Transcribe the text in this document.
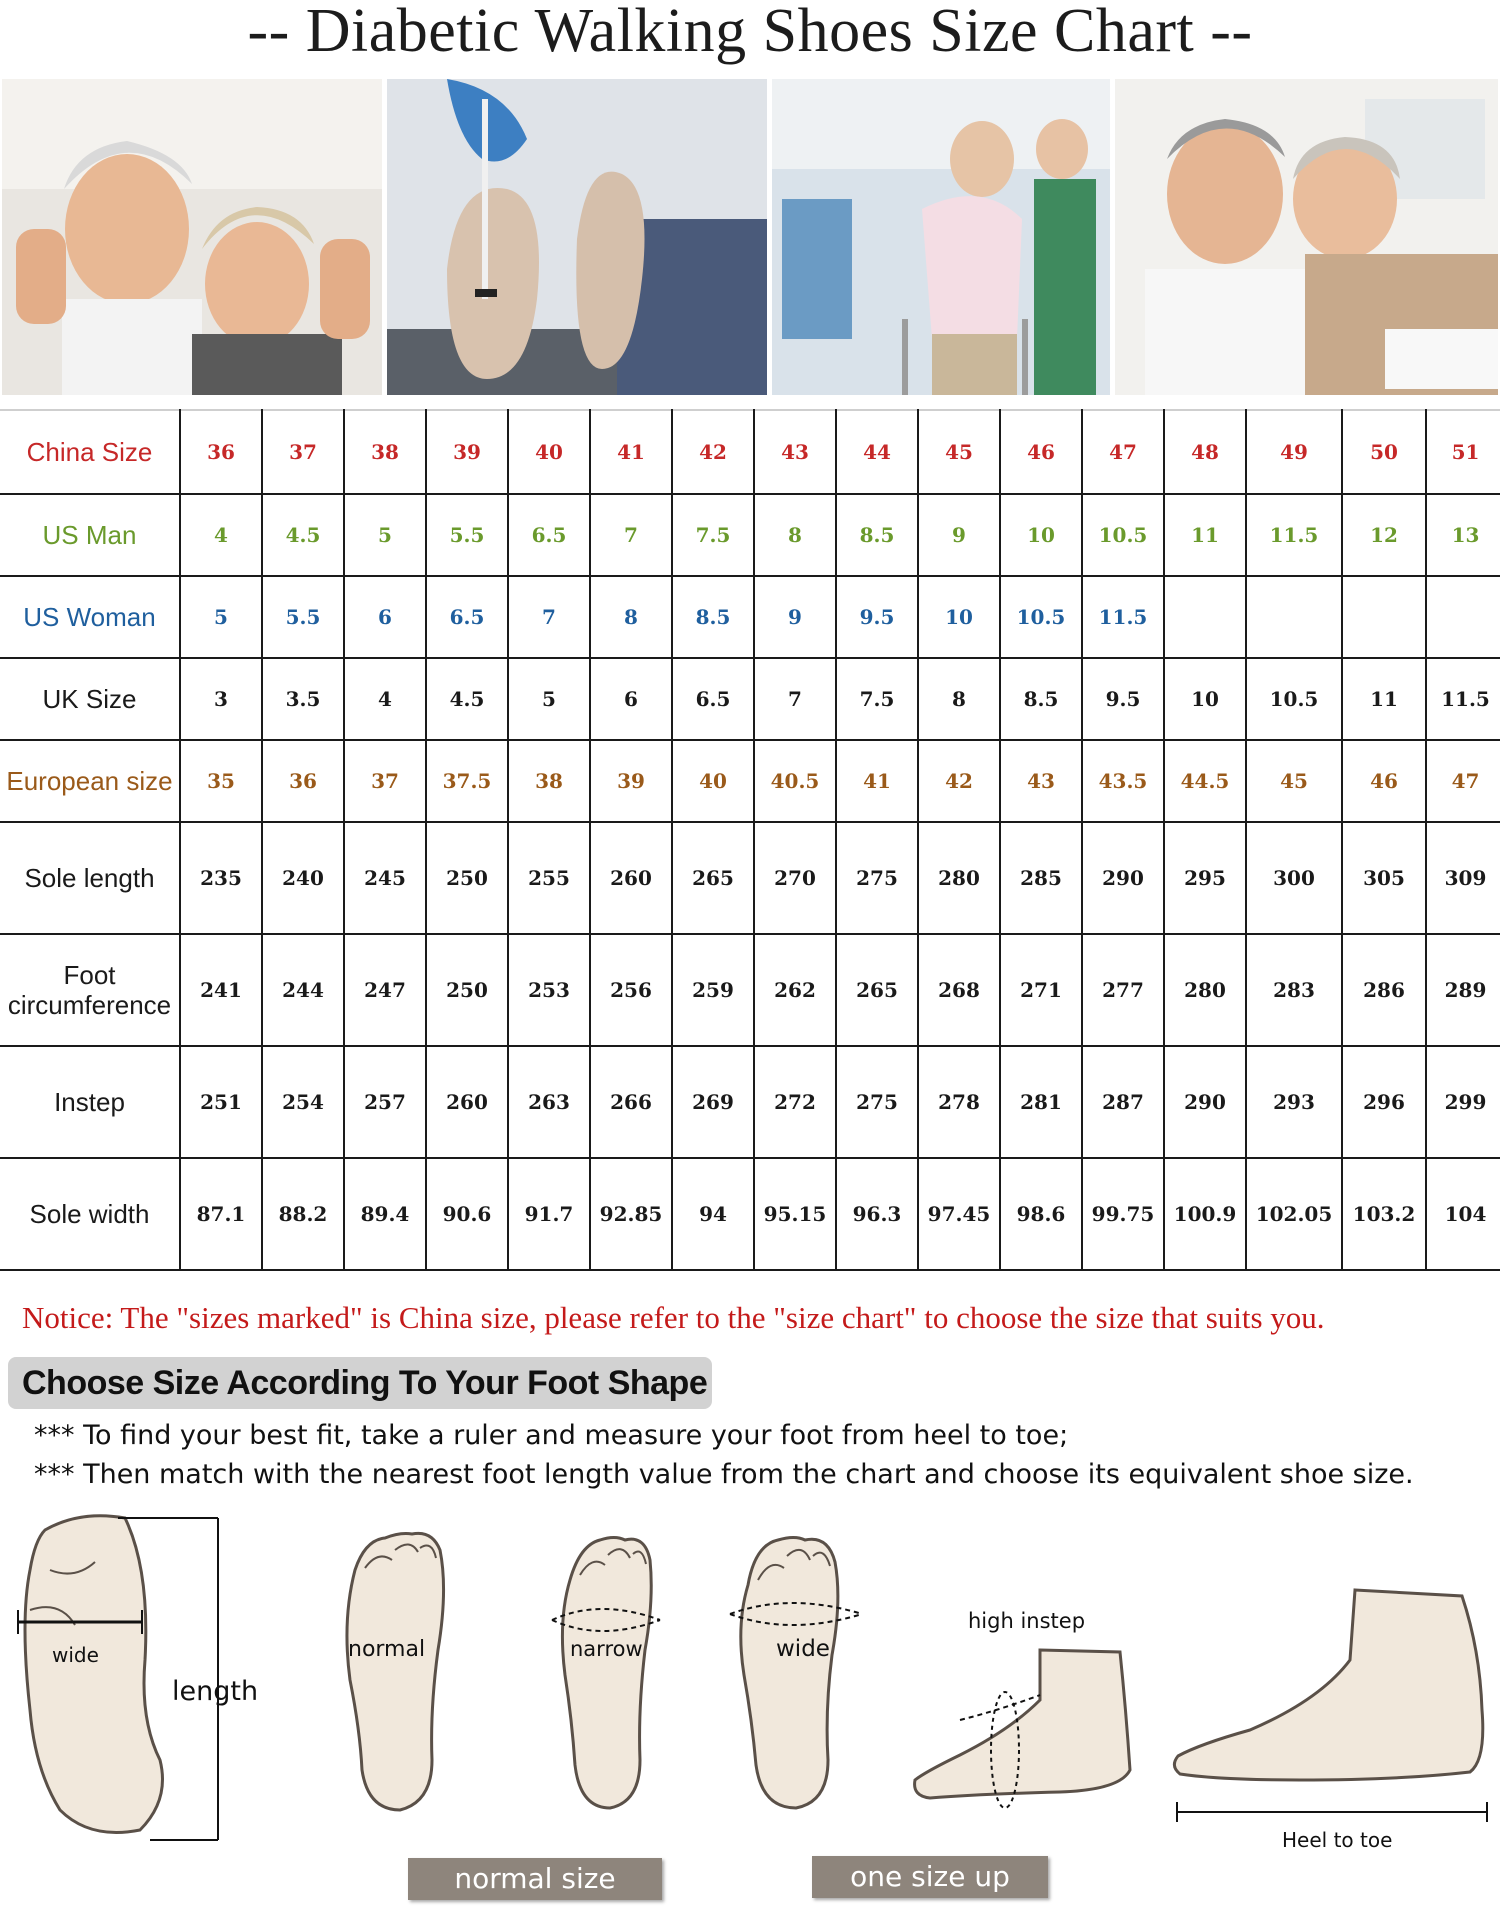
-- Diabetic Walking Shoes Size Chart --
China Size	36	37	38	39	40	41	42	43	44	45	46	47	48	49	50	51
US Man	4	4.5	5	5.5	6.5	7	7.5	8	8.5	9	10	10.5	11	11.5	12	13
US Woman	5	5.5	6	6.5	7	8	8.5	9	9.5	10	10.5	11.5				
UK Size	3	3.5	4	4.5	5	6	6.5	7	7.5	8	8.5	9.5	10	10.5	11	11.5
European size	35	36	37	37.5	38	39	40	40.5	41	42	43	43.5	44.5	45	46	47
Sole length	235	240	245	250	255	260	265	270	275	280	285	290	295	300	305	309
Foot circumference	241	244	247	250	253	256	259	262	265	268	271	277	280	283	286	289
Instep	251	254	257	260	263	266	269	272	275	278	281	287	290	293	296	299
Sole width	87.1	88.2	89.4	90.6	91.7	92.85	94	95.15	96.3	97.45	98.6	99.75	100.9	102.05	103.2	104
Notice: The "sizes marked" is China size, please refer to the "size chart" to choose the size that suits you.
Choose Size According To Your Foot Shape
*** To find your best fit, take a ruler and measure your foot from heel to toe;
*** Then match with the nearest foot length value from the chart and choose its equivalent shoe size.
wide
length
normal	narrow	wide
high instep
Heel to toe
normal size	one size up
